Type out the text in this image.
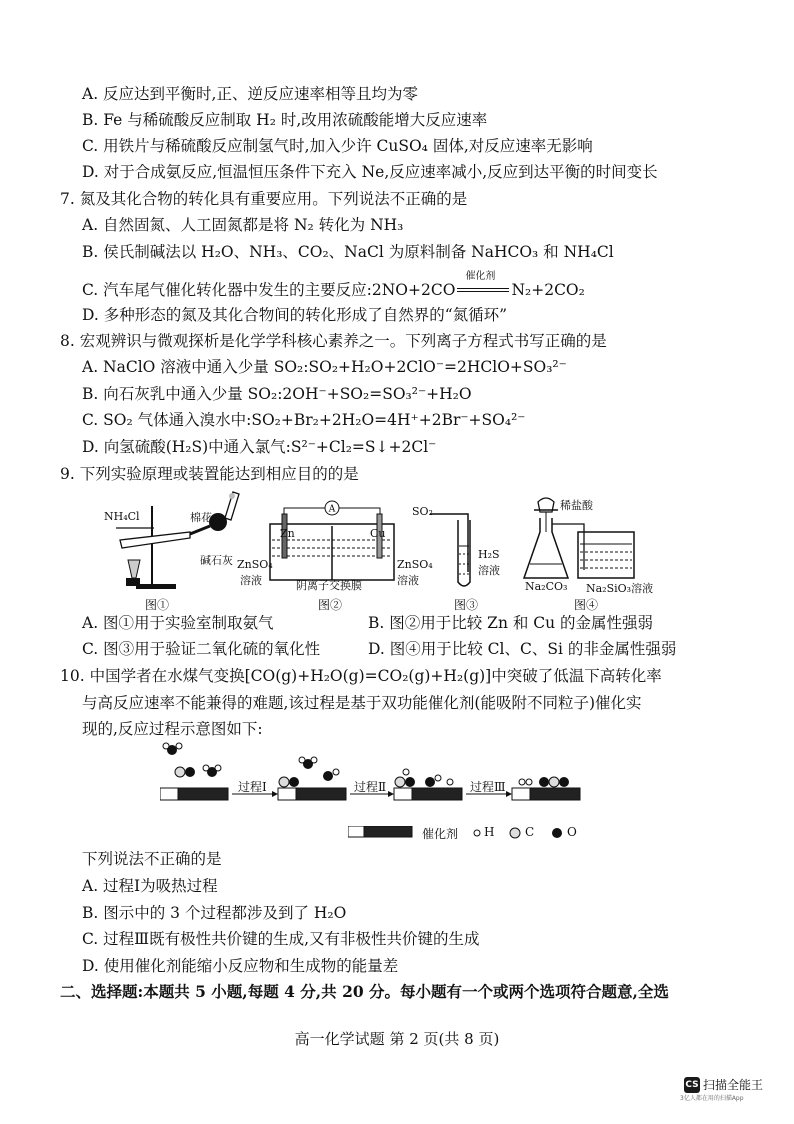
A. 反应达到平衡时,正、逆反应速率相等且均为零
B. Fe 与稀硫酸反应制取 H₂ 时,改用浓硫酸能增大反应速率
C. 用铁片与稀硫酸反应制氢气时,加入少许 CuSO₄ 固体,对反应速率无影响
D. 对于合成氨反应,恒温恒压条件下充入 Ne,反应速率减小,反应到达平衡的时间变长
7. 氮及其化合物的转化具有重要应用。下列说法不正确的是
A. 自然固氮、人工固氮都是将 N₂ 转化为 NH₃
B. 侯氏制碱法以 H₂O、NH₃、CO₂、NaCl 为原料制备 NaHCO₃ 和 NH₄Cl
C. 汽车尾气催化转化器中发生的主要反应:2NO+2CO
催化剂
N₂+2CO₂
D. 多种形态的氮及其化合物间的转化形成了自然界的“氮循环”
8. 宏观辨识与微观探析是化学学科核心素养之一。下列离子方程式书写正确的是
A. NaClO 溶液中通入少量 SO₂:SO₂+H₂O+2ClO⁻=2HClO+SO₃²⁻
B. 向石灰乳中通入少量 SO₂:2OH⁻+SO₂=SO₃²⁻+H₂O
C. SO₂ 气体通入溴水中:SO₂+Br₂+2H₂O=4H⁺+2Br⁻+SO₄²⁻
D. 向氢硫酸(H₂S)中通入氯气:S²⁻+Cl₂=S↓+2Cl⁻
9. 下列实验原理或装置能达到相应目的的是
NH₄Cl	棉花
碱石灰
A
Zn	Cu
ZnSO₄
溶液	阴离子交换膜
ZnSO₄
溶液
SO₂
H₂S
溶液
稀盐酸
Na₂CO₃ Na₂SiO₃溶液
图①	图②	图③	图④
A. 图①用于实验室制取氨气	B. 图②用于比较 Zn 和 Cu 的金属性强弱
C. 图③用于验证二氧化硫的氧化性	D. 图④用于比较 Cl、C、Si 的非金属性强弱
10. 中国学者在水煤气变换[CO(g)+H₂O(g)=CO₂(g)+H₂(g)]中突破了低温下高转化率
与高反应速率不能兼得的难题,该过程是基于双功能催化剂(能吸附不同粒子)催化实
现的,反应过程示意图如下:
过程Ⅰ	过程Ⅱ	过程Ⅲ
催化剂 H	C	O
下列说法不正确的是
A. 过程Ⅰ为吸热过程
B. 图示中的 3 个过程都涉及到了 H₂O
C. 过程Ⅲ既有极性共价键的生成,又有非极性共价键的生成
D. 使用催化剂能缩小反应物和生成物的能量差
二、选择题:本题共 5 小题,每题 4 分,共 20 分。每小题有一个或两个选项符合题意,全选
高一化学试题 第 2 页(共 8 页)
CS 扫描全能王
3亿人都在用的扫描App
